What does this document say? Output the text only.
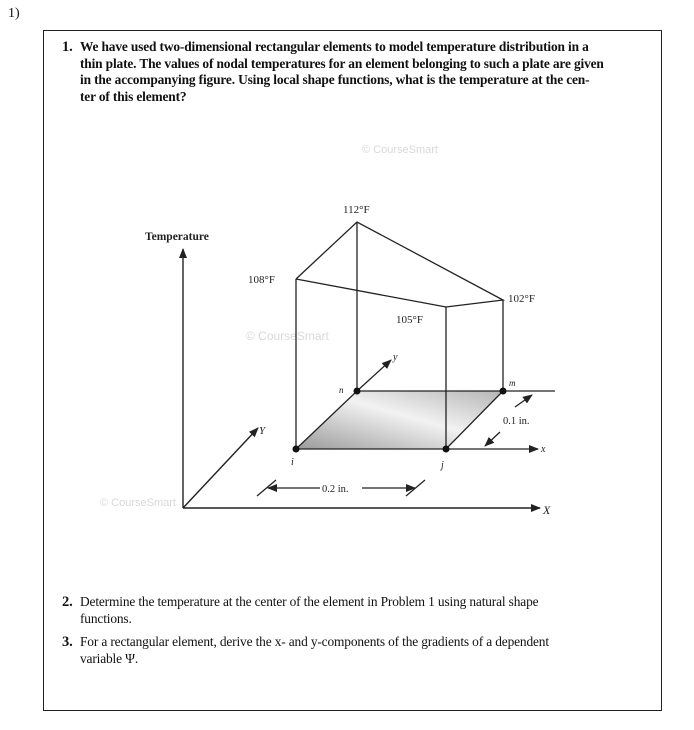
1)
1. We have used two-dimensional rectangular elements to model temperature distribution in a
thin plate. The values of nodal temperatures for an element belonging to such a plate are given
in the accompanying figure. Using local shape functions, what is the temperature at the cen-
ter of this element?
2. Determine the temperature at the center of the element in Problem 1 using natural shape
functions.
3. For a rectangular element, derive the x- and y-components of the gradients of a dependent
variable Ψ.
© CourseSmart
© CourseSmart
© CourseSmart
Temperature
X
Y
x
y
112°F
108°F
105°F
102°F
i	j
m
n
0.2 in.
0.1 in.
